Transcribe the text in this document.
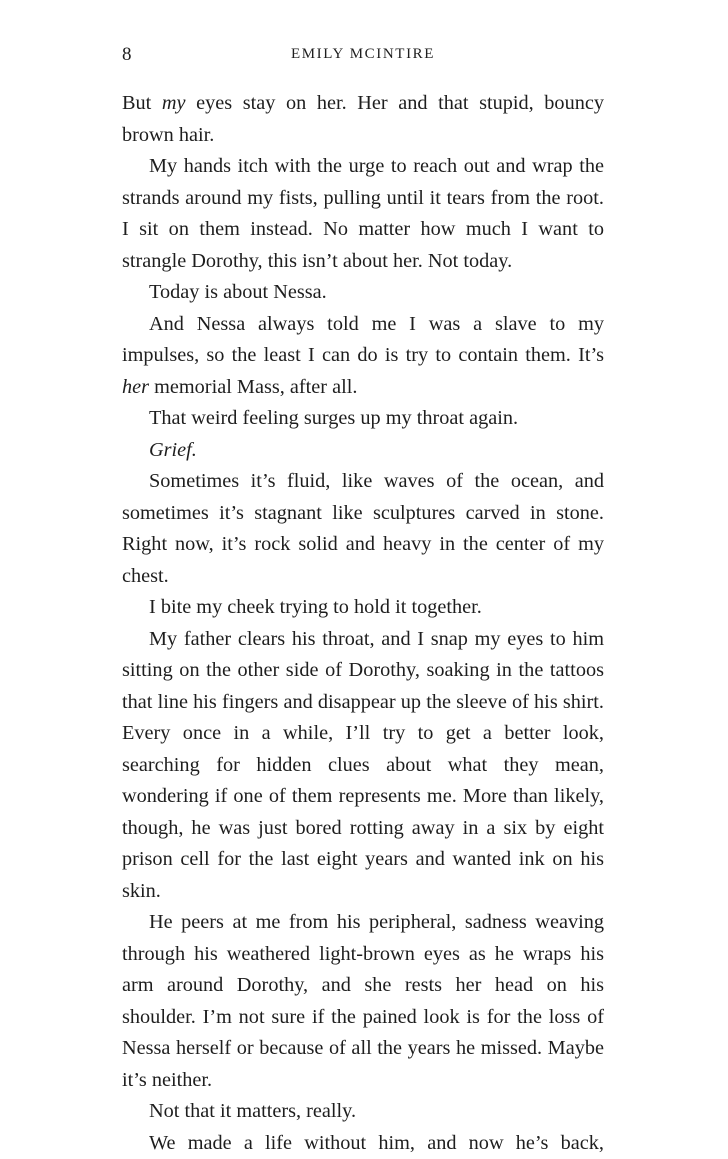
8	EMILY MCINTIRE

But my eyes stay on her. Her and that stupid, bouncy brown hair.

My hands itch with the urge to reach out and wrap the strands around my fists, pulling until it tears from the root. I sit on them instead. No matter how much I want to strangle Dorothy, this isn’t about her. Not today.

Today is about Nessa.

And Nessa always told me I was a slave to my impulses, so the least I can do is try to contain them. It’s her memorial Mass, after all.

That weird feeling surges up my throat again.

Grief.

Sometimes it’s fluid, like waves of the ocean, and sometimes it’s stagnant like sculptures carved in stone. Right now, it’s rock solid and heavy in the center of my chest.

I bite my cheek trying to hold it together.

My father clears his throat, and I snap my eyes to him sitting on the other side of Dorothy, soaking in the tattoos that line his fingers and disappear up the sleeve of his shirt. Every once in a while, I’ll try to get a better look, searching for hidden clues about what they mean, wondering if one of them represents me. More than likely, though, he was just bored rotting away in a six by eight prison cell for the last eight years and wanted ink on his skin.

He peers at me from his peripheral, sadness weaving through his weathered light-brown eyes as he wraps his arm around Dorothy, and she rests her head on his shoulder. I’m not sure if the pained look is for the loss of Nessa herself or because of all the years he missed. Maybe it’s neither.

Not that it matters, really.

We made a life without him, and now he’s back,
